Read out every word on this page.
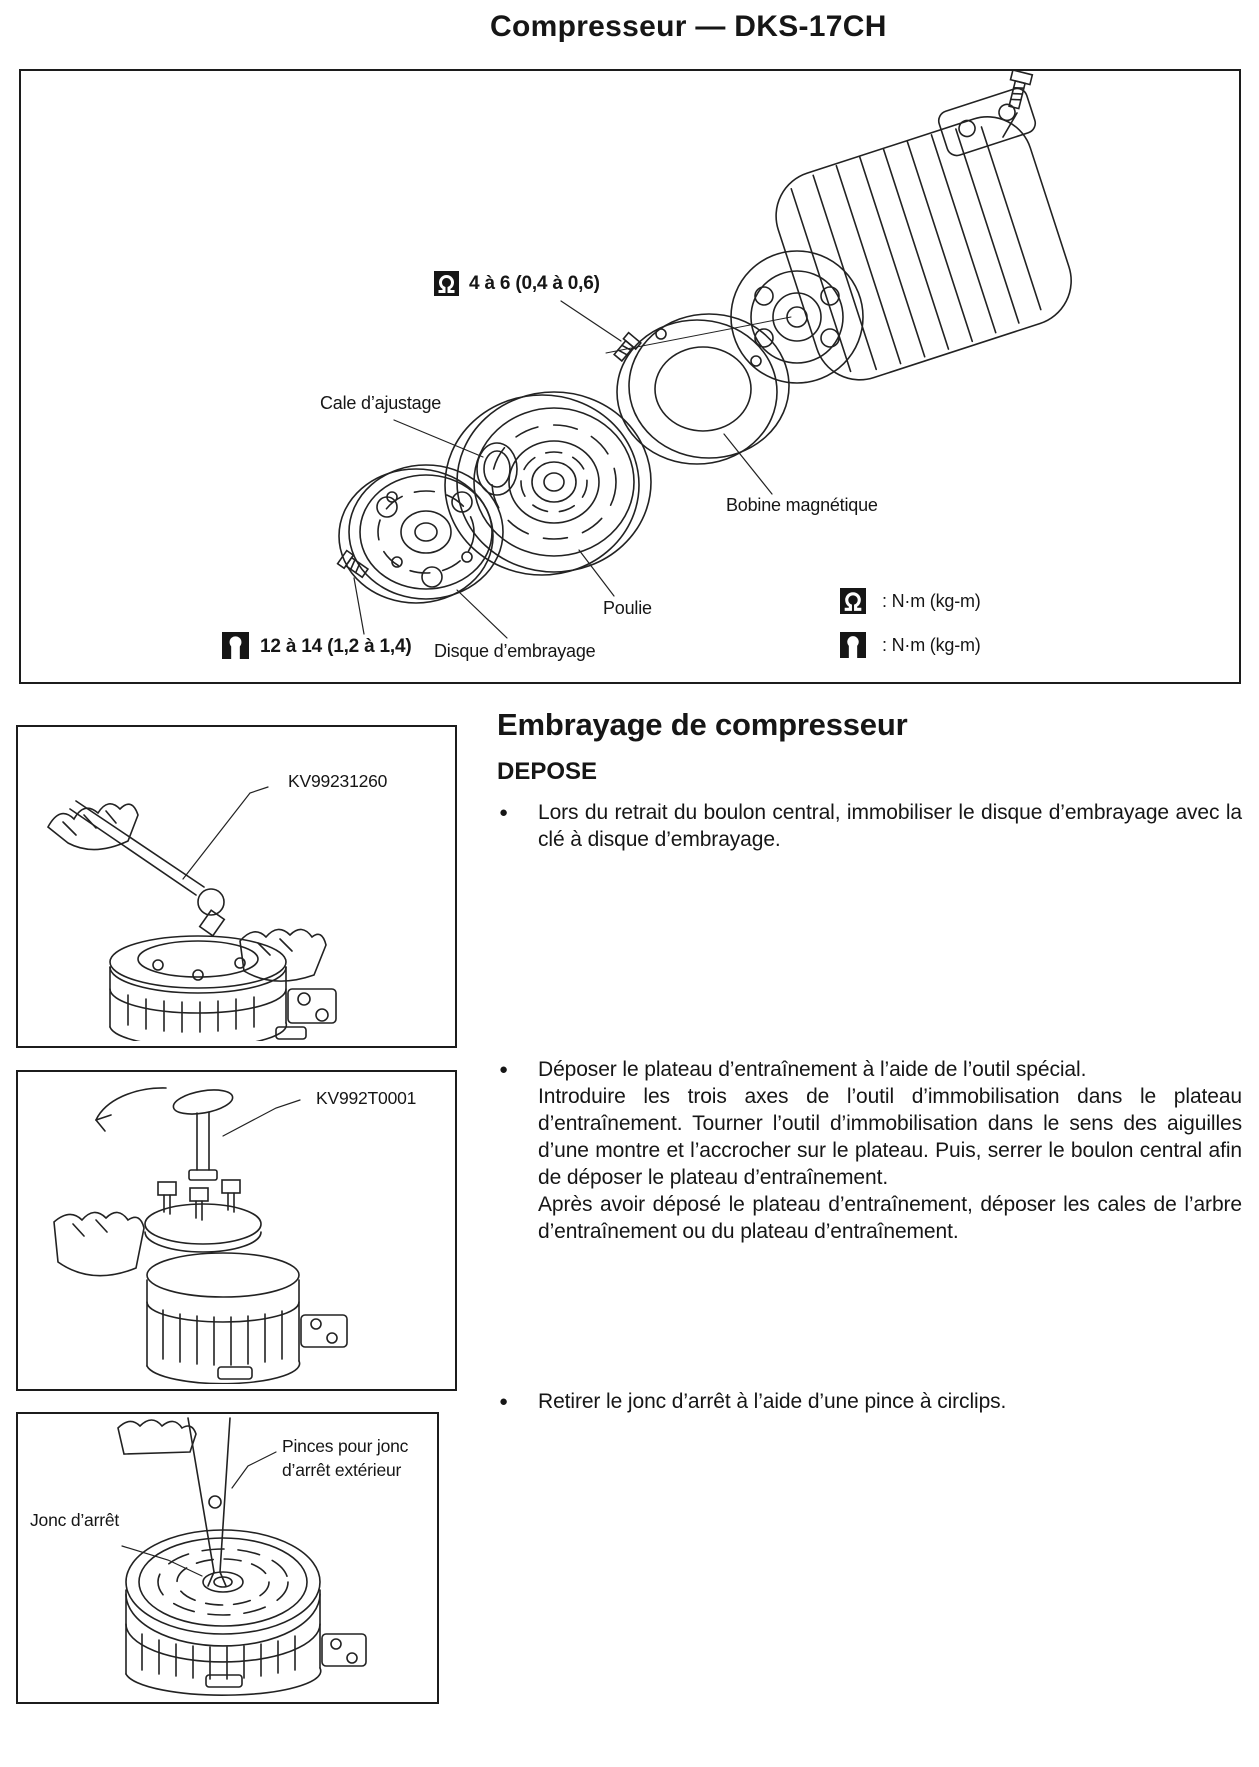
Compresseur — DKS-17CH
4 à 6 (0,4 à 0,6)
Cale d’ajustage
Bobine magnétique
Poulie
Disque d’embrayage
12 à 14 (1,2 à 1,4)
: N·m (kg-m)
: N·m (kg-m)
Embrayage de compresseur
DEPOSE
●	Lors du retrait du boulon central, immobiliser le disque d’embrayage avec la clé à disque d’embrayage.

●	Déposer le plateau d’entraînement à l’aide de l’outil spécial.

Introduire les trois axes de l’outil d’immobilisation dans le plateau d’entraînement. Tourner l’outil d’immobilisation dans le sens des aiguilles d’une montre et l’accrocher sur le plateau. Puis, serrer le boulon central afin de déposer le plateau d’entraînement.

Après avoir déposé le plateau d’entraînement, déposer les cales de l’arbre d’entraînement ou du plateau d’entraînement.

●	Retirer le jonc d’arrêt à l’aide d’une pince à circlips.

KV99231260
KV992T0001
Pinces pour jonc
d’arrêt extérieur
Jonc d’arrêt
